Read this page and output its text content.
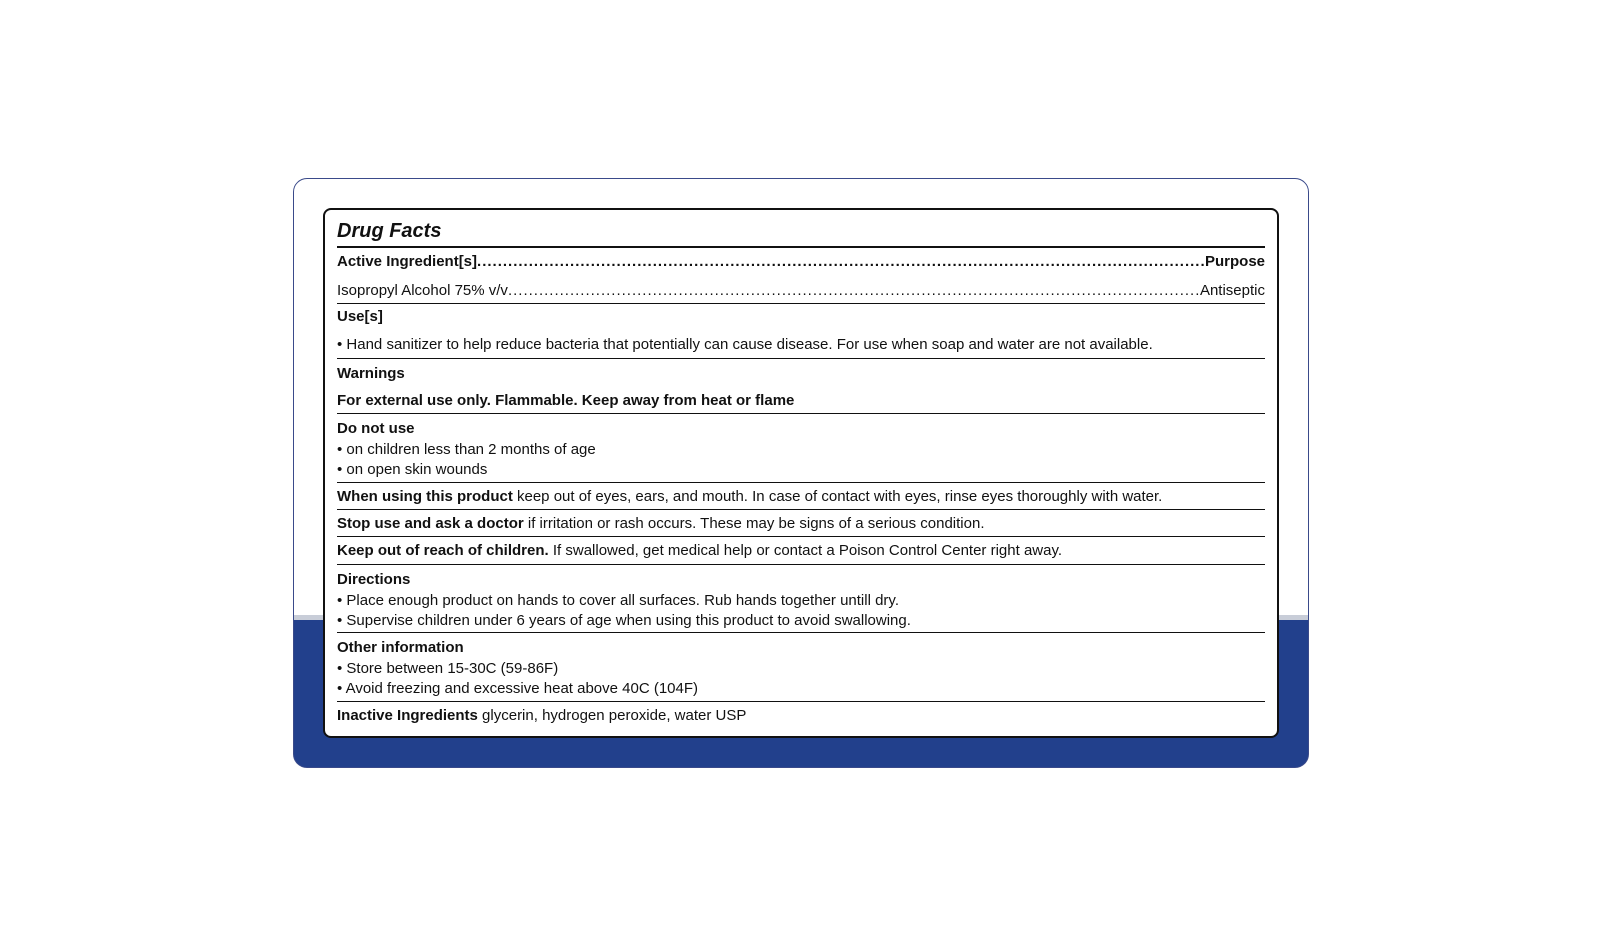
Drug Facts
Active Ingredient[s] .....	Purpose
Isopropyl Alcohol 75% v/v .....	Antiseptic
Use[s]
• Hand sanitizer to help reduce bacteria that potentially can cause disease. For use when soap and water are not available.
Warnings
For external use only. Flammable. Keep away from heat or flame
Do not use
• on children less than 2 months of age
• on open skin wounds
When using this product keep out of eyes, ears, and mouth. In case of contact with eyes, rinse eyes thoroughly with water.
Stop use and ask a doctor if irritation or rash occurs. These may be signs of a serious condition.
Keep out of reach of children. If swallowed, get medical help or contact a Poison Control Center right away.
Directions
• Place enough product on hands to cover all surfaces. Rub hands together untill dry.
• Supervise children under 6 years of age when using this product to avoid swallowing.
Other information
• Store between 15-30C (59-86F)
• Avoid freezing and excessive heat above 40C (104F)
Inactive Ingredients glycerin, hydrogen peroxide, water USP
